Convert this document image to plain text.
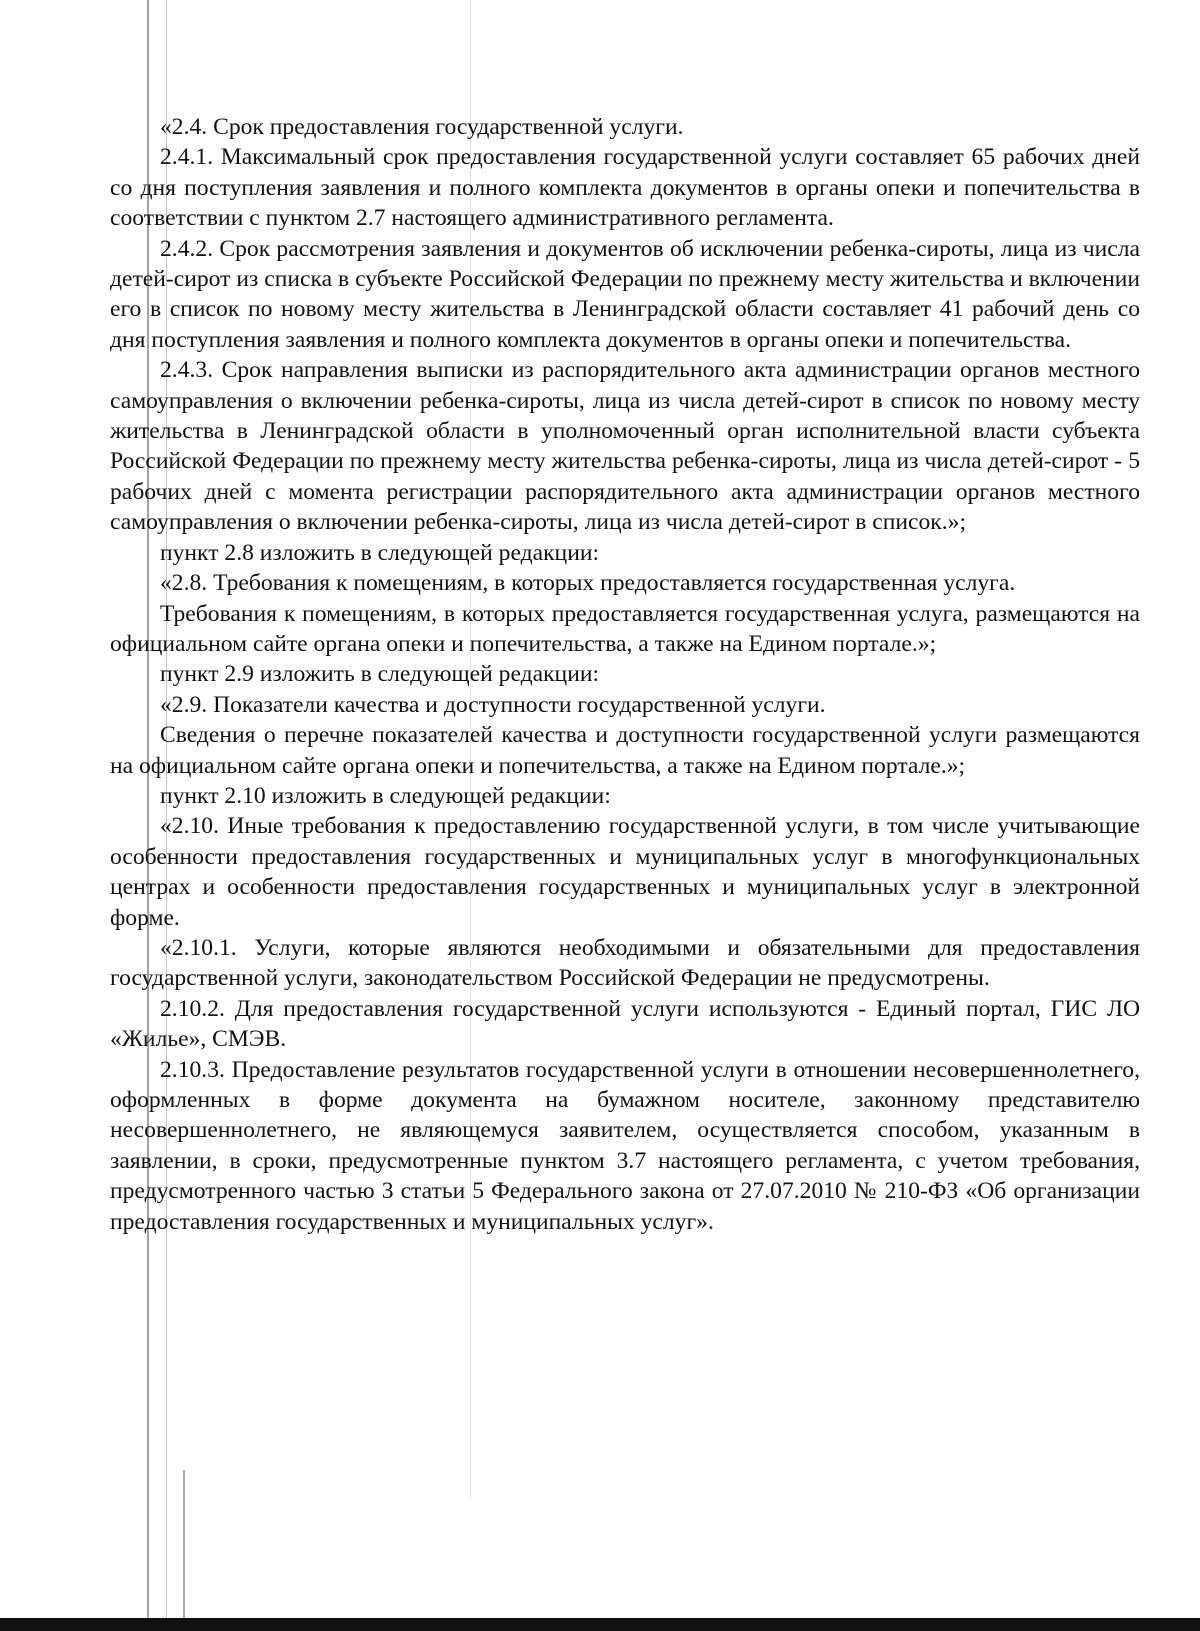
«2.4. Срок предоставления государственной услуги.

2.4.1. Максимальный срок предоставления государственной услуги составляет 65 рабочих дней со дня поступления заявления и полного комплекта документов в органы опеки и попечительства в соответствии с пунктом 2.7 настоящего административного регламента.

2.4.2. Срок рассмотрения заявления и документов об исключении ребенка-сироты, лица из числа детей-сирот из списка в субъекте Российской Федерации по прежнему месту жительства и включении его в список по новому месту жительства в Ленинградской области составляет 41 рабочий день со дня поступления заявления и полного комплекта документов в органы опеки и попечительства.

2.4.3. Срок направления выписки из распорядительного акта администрации органов местного самоуправления о включении ребенка-сироты, лица из числа детей-сирот в список по новому месту жительства в Ленинградской области в уполномоченный орган исполнительной власти субъекта Российской Федерации по прежнему месту жительства ребенка-сироты, лица из числа детей-сирот - 5 рабочих дней с момента регистрации распорядительного акта администрации органов местного самоуправления о включении ребенка-сироты, лица из числа детей-сирот в список.»;

пункт 2.8 изложить в следующей редакции:

«2.8. Требования к помещениям, в которых предоставляется государственная услуга.

Требования к помещениям, в которых предоставляется государственная услуга, размещаются на официальном сайте органа опеки и попечительства, а также на Едином портале.»;

пункт 2.9 изложить в следующей редакции:

«2.9. Показатели качества и доступности государственной услуги.

Сведения о перечне показателей качества и доступности государственной услуги размещаются на официальном сайте органа опеки и попечительства, а также на Едином портале.»;

пункт 2.10 изложить в следующей редакции:

«2.10. Иные требования к предоставлению государственной услуги, в том числе учитывающие особенности предоставления государственных и муниципальных услуг в многофункциональных центрах и особенности предоставления государственных и муниципальных услуг в электронной форме.

«2.10.1. Услуги, которые являются необходимыми и обязательными для предоставления государственной услуги, законодательством Российской Федерации не предусмотрены.

2.10.2. Для предоставления государственной услуги используются - Единый портал, ГИС ЛО «Жилье», СМЭВ.

2.10.3. Предоставление результатов государственной услуги в отношении несовершеннолетнего, оформленных в форме документа на бумажном носителе, законному представителю несовершеннолетнего, не являющемуся заявителем, осуществляется способом, указанным в заявлении, в сроки, предусмотренные пунктом 3.7 настоящего регламента, с учетом требования, предусмотренного частью 3 статьи 5 Федерального закона от 27.07.2010 № 210-ФЗ «Об организации предоставления государственных и муниципальных услуг».
